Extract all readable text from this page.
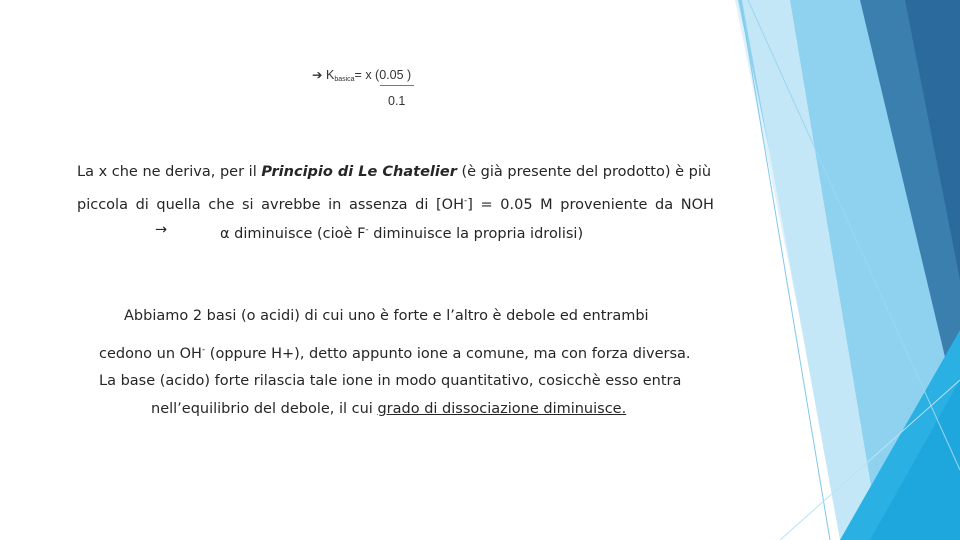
➔ $K_{basica}= x$ (0.05 )
0.1
La x che ne deriva, per il Principio di Le Chatelier (è già presente del prodotto) è più
piccola di quella che si avrebbe in assenza di [OH-] = 0.05 M proveniente da NOH
→	α diminuisce (cioè F- diminuisce la propria idrolisi)
Abbiamo 2 basi (o acidi) di cui uno è forte e l’altro è debole ed entrambi
cedono un OH- (oppure H+), detto appunto ione a comune, ma con forza diversa.
La base (acido) forte rilascia tale ione in modo quantitativo, cosicchè esso entra
nell’equilibrio del debole, il cui grado di dissociazione diminuisce.
